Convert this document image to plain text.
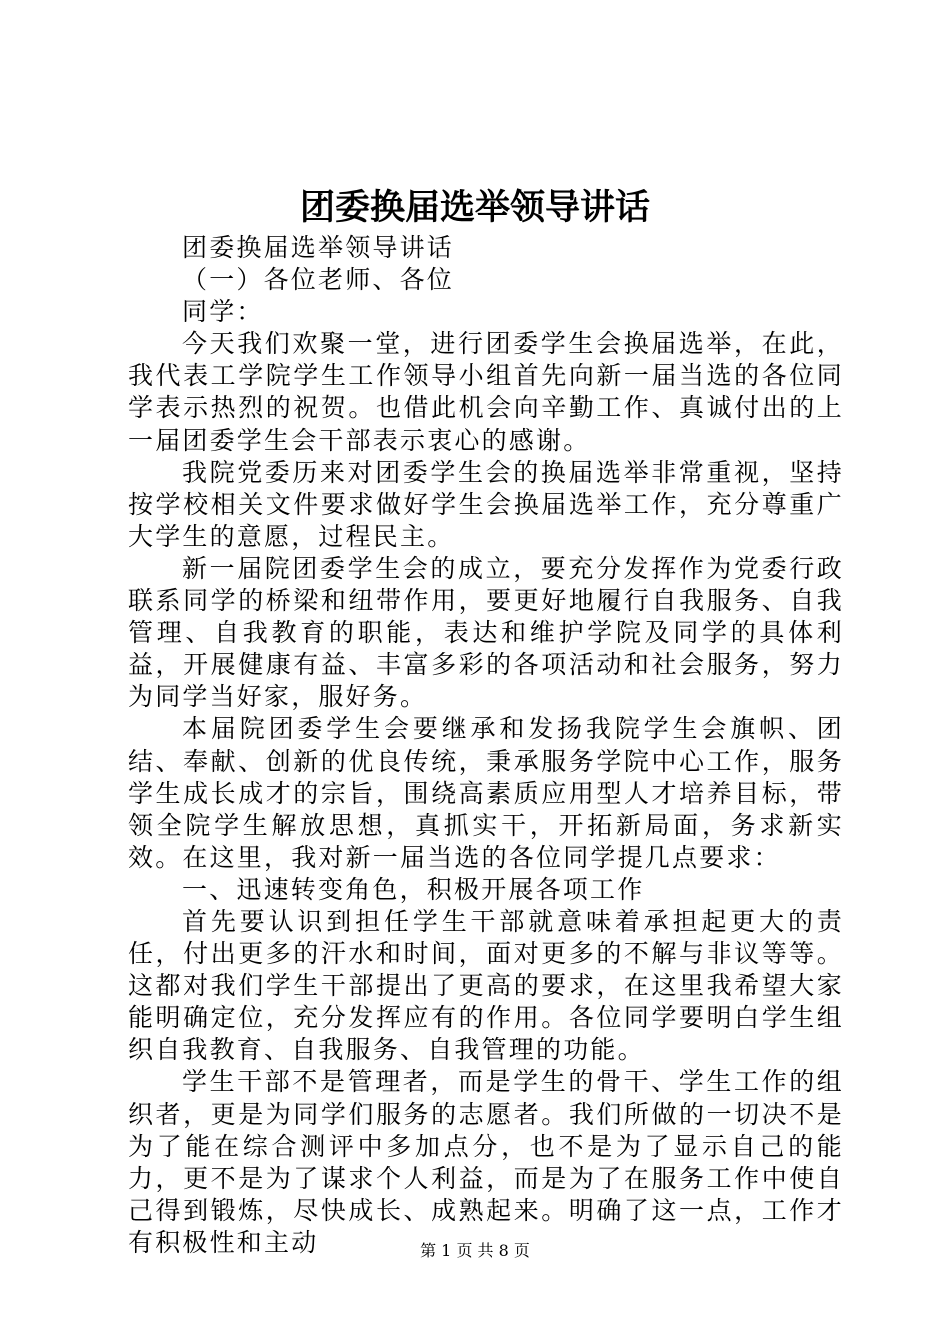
团委换届选举领导讲话

团委换届选举领导讲话

（一）各位老师、各位

同学：

今天我们欢聚一堂，进行团委学生会换届选举，在此，我代表工学院学生工作领导小组首先向新一届当选的各位同学表示热烈的祝贺。也借此机会向辛勤工作、真诚付出的上一届团委学生会干部表示衷心的感谢。

我院党委历来对团委学生会的换届选举非常重视，坚持按学校相关文件要求做好学生会换届选举工作，充分尊重广大学生的意愿，过程民主。

新一届院团委学生会的成立，要充分发挥作为党委行政联系同学的桥梁和纽带作用，要更好地履行自我服务、自我管理、自我教育的职能，表达和维护学院及同学的具体利益，开展健康有益、丰富多彩的各项活动和社会服务，努力为同学当好家，服好务。

本届院团委学生会要继承和发扬我院学生会旗帜、团结、奉献、创新的优良传统，秉承服务学院中心工作，服务学生成长成才的宗旨，围绕高素质应用型人才培养目标，带领全院学生解放思想，真抓实干，开拓新局面，务求新实效。在这里，我对新一届当选的各位同学提几点要求：

一、迅速转变角色，积极开展各项工作

首先要认识到担任学生干部就意味着承担起更大的责任，付出更多的汗水和时间，面对更多的不解与非议等等。这都对我们学生干部提出了更高的要求，在这里我希望大家能明确定位，充分发挥应有的作用。各位同学要明白学生组织自我教育、自我服务、自我管理的功能。

学生干部不是管理者，而是学生的骨干、学生工作的组织者，更是为同学们服务的志愿者。我们所做的一切决不是为了能在综合测评中多加点分，也不是为了显示自己的能力，更不是为了谋求个人利益，而是为了在服务工作中使自己得到锻炼，尽快成长、成熟起来。明确了这一点，工作才有积极性和主动	第 1 页 共 8 页
